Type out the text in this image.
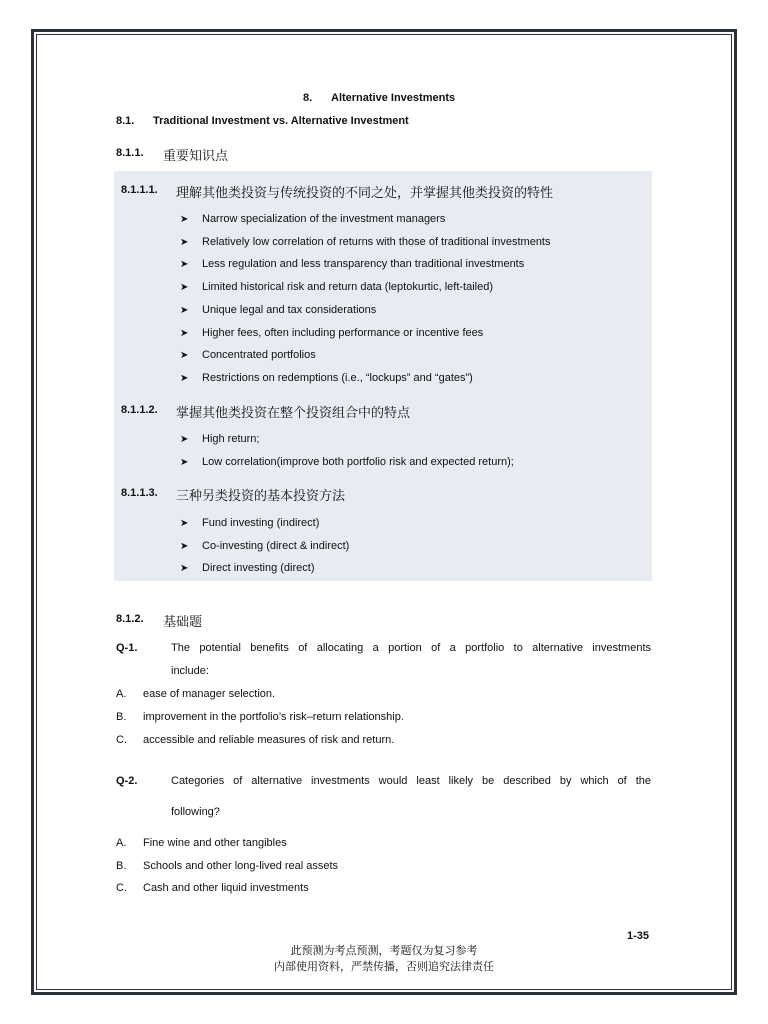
8. Alternative Investments
8.1. Traditional Investment vs. Alternative Investment
8.1.1. 重要知识点
8.1.1.1. 理解其他类投资与传统投资的不同之处，并掌握其他类投资的特性
➤ Narrow specialization of the investment managers
➤ Relatively low correlation of returns with those of traditional investments
➤ Less regulation and less transparency than traditional investments
➤ Limited historical risk and return data (leptokurtic, left-tailed)
➤ Unique legal and tax considerations
➤ Higher fees, often including performance or incentive fees
➤ Concentrated portfolios
➤ Restrictions on redemptions (i.e., “lockups” and “gates”)
8.1.1.2. 掌握其他类投资在整个投资组合中的特点
➤ High return;
➤ Low correlation(improve both portfolio risk and expected return);
8.1.1.3. 三种另类投资的基本投资方法
➤ Fund investing (indirect)
➤ Co-investing (direct & indirect)
➤ Direct investing (direct)
8.1.2. 基础题
Q-1.	The potential benefits of allocating a portion of a portfolio to alternative investments
include:
A. ease of manager selection.
B. improvement in the portfolio’s risk–return relationship.
C. accessible and reliable measures of risk and return.
Q-2.	Categories of alternative investments would least likely be described by which of the
following?
A. Fine wine and other tangibles
B. Schools and other long-lived real assets
C. Cash and other liquid investments
1-35
此预测为考点预测，考题仅为复习参考
内部使用资料，严禁传播，否则追究法律责任
